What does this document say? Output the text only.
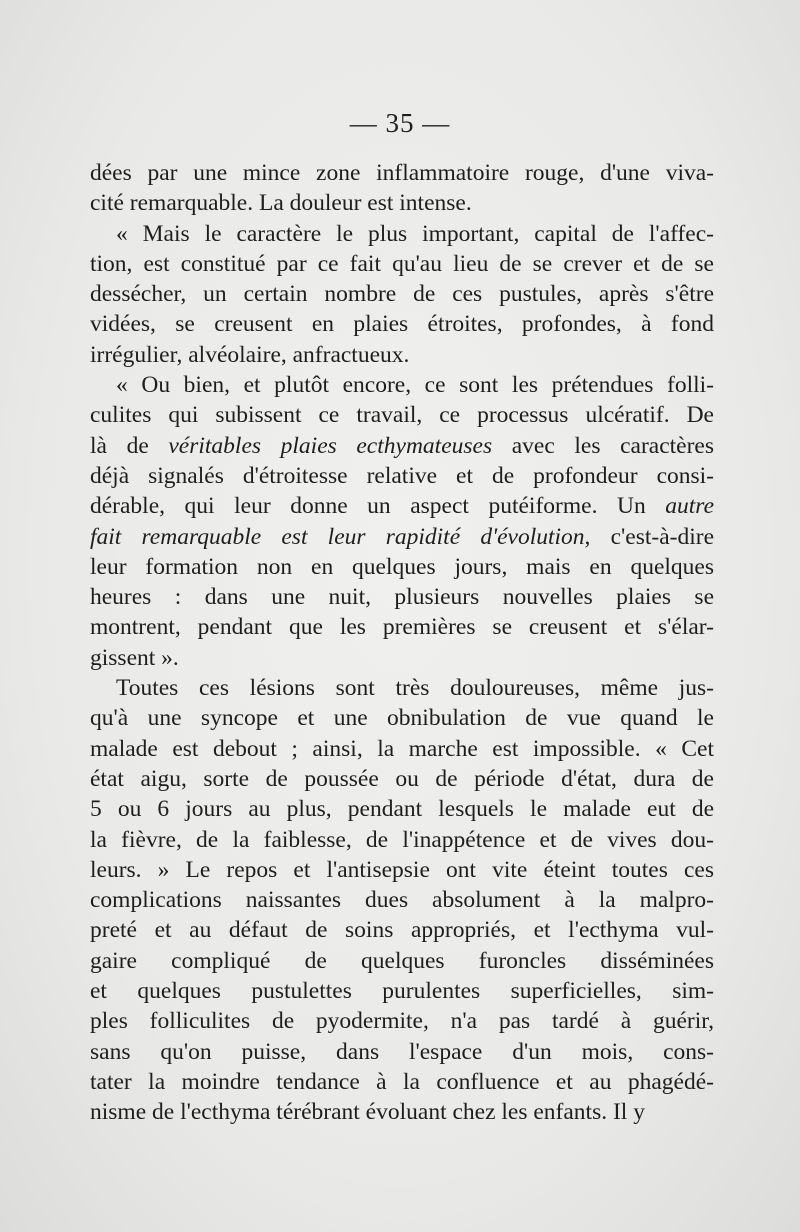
— 35 —
dées par une mince zone inflammatoire rouge, d'une viva-
cité remarquable. La douleur est intense.
« Mais le caractère le plus important, capital de l'affec-
tion, est constitué par ce fait qu'au lieu de se crever et de se
dessécher, un certain nombre de ces pustules, après s'être
vidées, se creusent en plaies étroites, profondes, à fond
irrégulier, alvéolaire, anfractueux.
« Ou bien, et plutôt encore, ce sont les prétendues folli-
culites qui subissent ce travail, ce processus ulcératif. De
là de véritables plaies ecthymateuses avec les caractères
déjà signalés d'étroitesse relative et de profondeur consi-
dérable, qui leur donne un aspect putéiforme. Un autre
fait remarquable est leur rapidité d'évolution, c'est-à-dire
leur formation non en quelques jours, mais en quelques
heures : dans une nuit, plusieurs nouvelles plaies se
montrent, pendant que les premières se creusent et s'élar-
gissent ».
Toutes ces lésions sont très douloureuses, même jus-
qu'à une syncope et une obnibulation de vue quand le
malade est debout ; ainsi, la marche est impossible. « Cet
état aigu, sorte de poussée ou de période d'état, dura de
5 ou 6 jours au plus, pendant lesquels le malade eut de
la fièvre, de la faiblesse, de l'inappétence et de vives dou-
leurs. » Le repos et l'antisepsie ont vite éteint toutes ces
complications naissantes dues absolument à la malpro-
preté et au défaut de soins appropriés, et l'ecthyma vul-
gaire compliqué de quelques furoncles disséminées
et quelques pustulettes purulentes superficielles, sim-
ples folliculites de pyodermite, n'a pas tardé à guérir,
sans qu'on puisse, dans l'espace d'un mois, cons-
tater la moindre tendance à la confluence et au phagédé-
nisme de l'ecthyma térébrant évoluant chez les enfants. Il y
